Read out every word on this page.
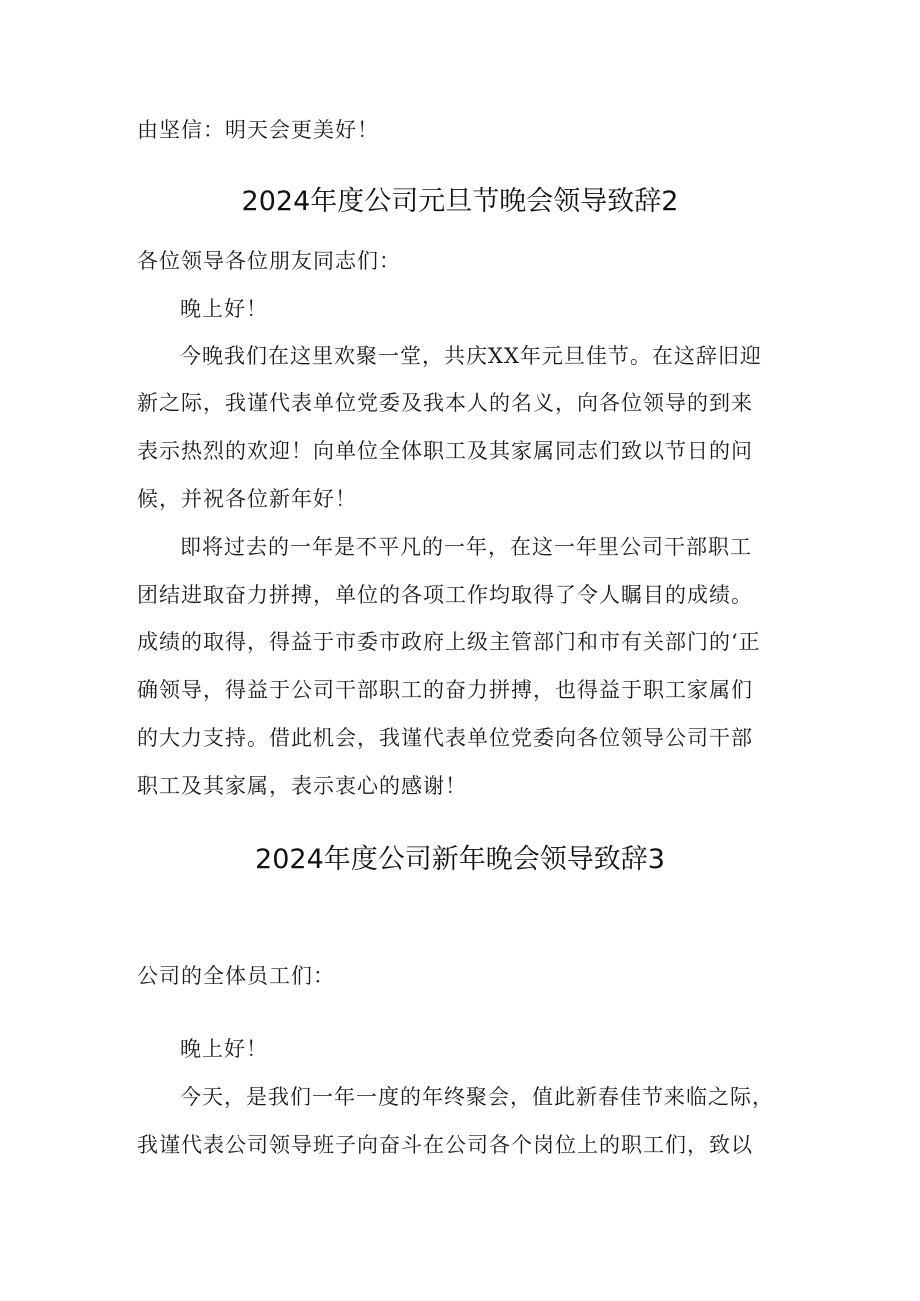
由坚信：明天会更美好！
2024年度公司元旦节晚会领导致辞2
各位领导各位朋友同志们：
晚上好！
今晚我们在这里欢聚一堂，共庆XX年元旦佳节。在这辞旧迎
新之际，我谨代表单位党委及我本人的名义，向各位领导的到来
表示热烈的欢迎！向单位全体职工及其家属同志们致以节日的问
候，并祝各位新年好！
即将过去的一年是不平凡的一年，在这一年里公司干部职工
团结进取奋力拼搏，单位的各项工作均取得了令人瞩目的成绩。
成绩的取得，得益于市委市政府上级主管部门和市有关部门的‘正
确领导，得益于公司干部职工的奋力拼搏，也得益于职工家属们
的大力支持。借此机会，我谨代表单位党委向各位领导公司干部
职工及其家属，表示衷心的感谢！
2024年度公司新年晚会领导致辞3
公司的全体员工们：
晚上好！
今天，是我们一年一度的年终聚会，值此新春佳节来临之际，
我谨代表公司领导班子向奋斗在公司各个岗位上的职工们，致以
